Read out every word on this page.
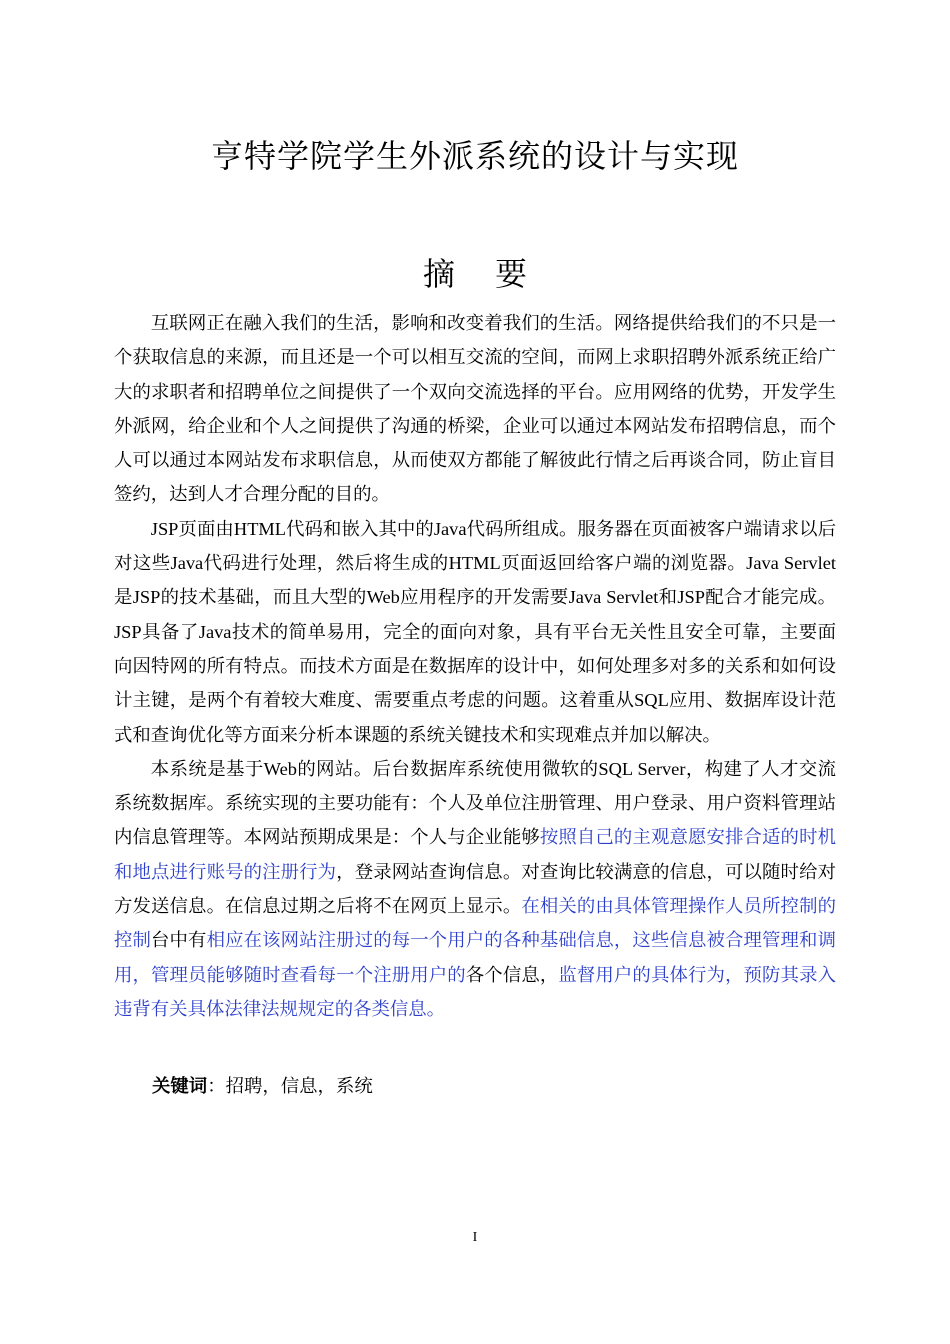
亨特学院学生外派系统的设计与实现
摘 要

互联网正在融入我们的生活，影响和改变着我们的生活。网络提供给我们的不只是一个获取信息的来源，而且还是一个可以相互交流的空间，而网上求职招聘外派系统正给广大的求职者和招聘单位之间提供了一个双向交流选择的平台。应用网络的优势，开发学生外派网，给企业和个人之间提供了沟通的桥梁，企业可以通过本网站发布招聘信息，而个人可以通过本网站发布求职信息，从而使双方都能了解彼此行情之后再谈合同，防止盲目签约，达到人才合理分配的目的。

JSP页面由HTML代码和嵌入其中的Java代码所组成。服务器在页面被客户端请求以后对这些Java代码进行处理，然后将生成的HTML页面返回给客户端的浏览器。Java Servlet是JSP的技术基础，而且大型的Web应用程序的开发需要Java Servlet和JSP配合才能完成。JSP具备了Java技术的简单易用，完全的面向对象，具有平台无关性且安全可靠，主要面向因特网的所有特点。而技术方面是在数据库的设计中，如何处理多对多的关系和如何设计主键，是两个有着较大难度、需要重点考虑的问题。这着重从SQL应用、数据库设计范式和查询优化等方面来分析本课题的系统关键技术和实现难点并加以解决。

本系统是基于Web的网站。后台数据库系统使用微软的SQL Server，构建了人才交流系统数据库。系统实现的主要功能有：个人及单位注册管理、用户登录、用户资料管理站内信息管理等。本网站预期成果是：个人与企业能够按照自己的主观意愿安排合适的时机和地点进行账号的注册行为，登录网站查询信息。对查询比较满意的信息，可以随时给对方发送信息。在信息过期之后将不在网页上显示。在相关的由具体管理操作人员所控制的控制台中有相应在该网站注册过的每一个用户的各种基础信息，这些信息被合理管理和调用，管理员能够随时查看每一个注册用户的各个信息，监督用户的具体行为，预防其录入违背有关具体法律法规规定的各类信息。

关键词：招聘，信息，系统
I
